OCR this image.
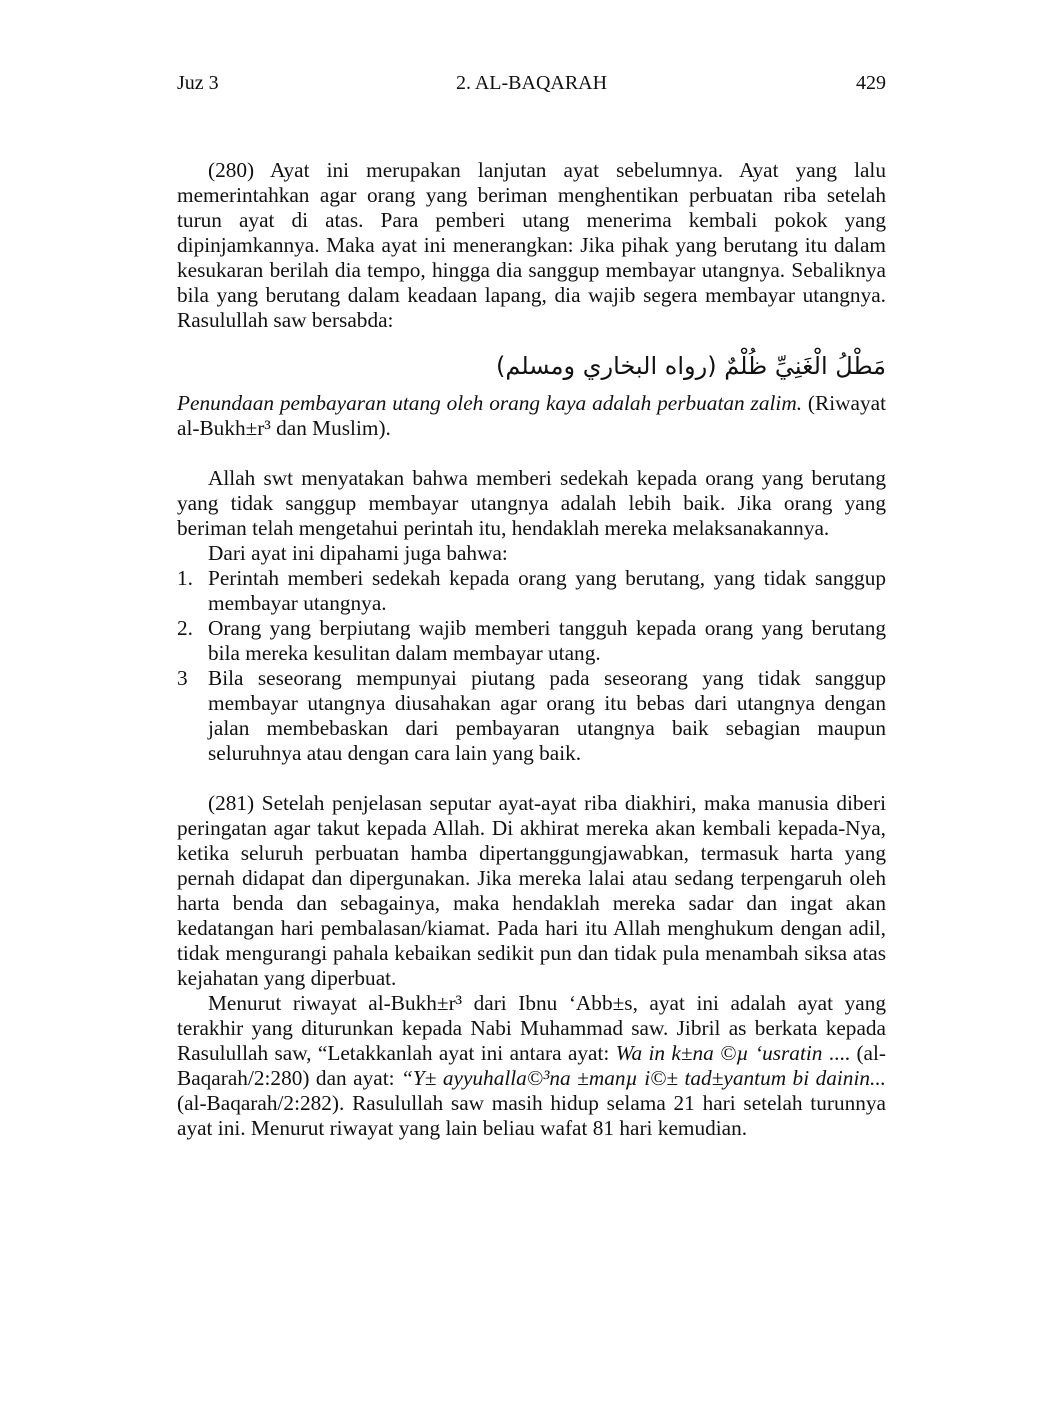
Juz 3	2. AL-BAQARAH	429

(280) Ayat ini merupakan lanjutan ayat sebelumnya. Ayat yang lalu memerintahkan agar orang yang beriman menghentikan perbuatan riba setelah turun ayat di atas. Para pemberi utang menerima kembali pokok yang dipinjamkannya. Maka ayat ini menerangkan: Jika pihak yang berutang itu dalam kesukaran berilah dia tempo, hingga dia sanggup membayar utangnya. Sebaliknya bila yang berutang dalam keadaan lapang, dia wajib segera membayar utangnya. Rasulullah saw bersabda:

مَطْلُ الْغَنِيِّ ظُلْمٌ (رواه البخاري ومسلم)

Penundaan pembayaran utang oleh orang kaya adalah perbuatan zalim. (Riwayat al-Bukh±r³ dan Muslim).

Allah swt menyatakan bahwa memberi sedekah kepada orang yang berutang yang tidak sanggup membayar utangnya adalah lebih baik. Jika orang yang beriman telah mengetahui perintah itu, hendaklah mereka melaksanakannya.

Dari ayat ini dipahami juga bahwa:

1. Perintah memberi sedekah kepada orang yang berutang, yang tidak sanggup membayar utangnya.
2. Orang yang berpiutang wajib memberi tangguh kepada orang yang berutang bila mereka kesulitan dalam membayar utang.
3 Bila seseorang mempunyai piutang pada seseorang yang tidak sanggup membayar utangnya diusahakan agar orang itu bebas dari utangnya dengan jalan membebaskan dari pembayaran utangnya baik sebagian maupun seluruhnya atau dengan cara lain yang baik.

(281) Setelah penjelasan seputar ayat-ayat riba diakhiri, maka manusia diberi peringatan agar takut kepada Allah. Di akhirat mereka akan kembali kepada-Nya, ketika seluruh perbuatan hamba dipertanggungjawabkan, termasuk harta yang pernah didapat dan dipergunakan. Jika mereka lalai atau sedang terpengaruh oleh harta benda dan sebagainya, maka hendaklah mereka sadar dan ingat akan kedatangan hari pembalasan/kiamat. Pada hari itu Allah menghukum dengan adil, tidak mengurangi pahala kebaikan sedikit pun dan tidak pula menambah siksa atas kejahatan yang diperbuat.

Menurut riwayat al-Bukh±r³ dari Ibnu ‘Abb±s, ayat ini adalah ayat yang terakhir yang diturunkan kepada Nabi Muhammad saw. Jibril as berkata kepada Rasulullah saw, “Letakkanlah ayat ini antara ayat: Wa in k±na ©µ ‘usratin .... (al-Baqarah/2:280) dan ayat: “Y± ayyuhalla©³na ±manµ i©± tad±yantum bi dainin... (al-Baqarah/2:282). Rasulullah saw masih hidup selama 21 hari setelah turunnya ayat ini. Menurut riwayat yang lain beliau wafat 81 hari kemudian.
